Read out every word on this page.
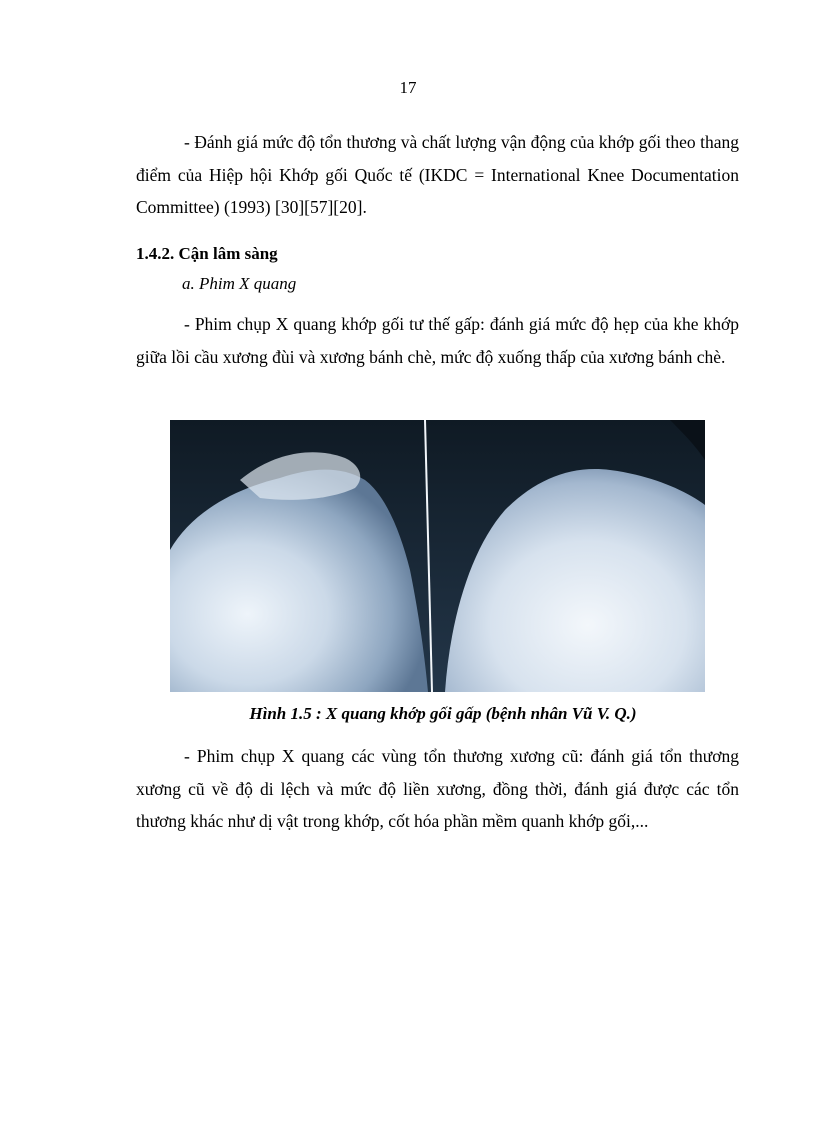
17

- Đánh giá mức độ tổn thương và chất lượng vận động của khớp gối theo thang điểm của Hiệp hội Khớp gối Quốc tế (IKDC = International Knee Documentation Committee) (1993) [30][57][20].

1.4.2. Cận lâm sàng
a. Phim X quang

- Phim chụp X quang khớp gối tư thế gấp: đánh giá mức độ hẹp của khe khớp giữa lồi cầu xương đùi và xương bánh chè, mức độ xuống thấp của xương bánh chè.

Hình 1.5 : X quang khớp gối gấp (bệnh nhân Vũ V. Q.)

- Phim chụp X quang các vùng tổn thương xương cũ: đánh giá tổn thương xương cũ về độ di lệch và mức độ liền xương, đồng thời, đánh giá được các tổn thương khác như dị vật trong khớp, cốt hóa phần mềm quanh khớp gối,...
